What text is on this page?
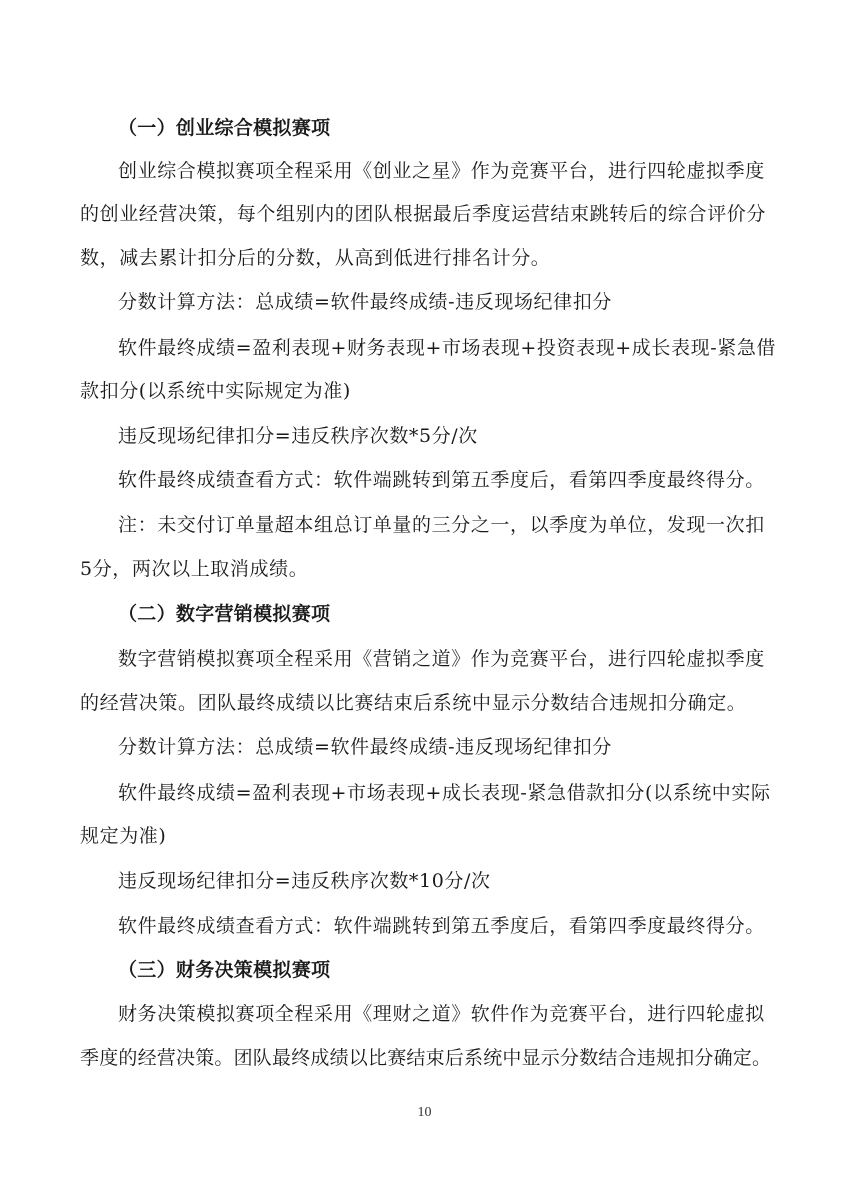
（一）创业综合模拟赛项
创业综合模拟赛项全程采用《创业之星》作为竞赛平台，进行四轮虚拟季度
的创业经营决策，每个组别内的团队根据最后季度运营结束跳转后的综合评价分
数，减去累计扣分后的分数，从高到低进行排名计分。
分数计算方法：总成绩=软件最终成绩-违反现场纪律扣分
软件最终成绩=盈利表现+财务表现+市场表现+投资表现+成长表现-紧急借
款扣分(以系统中实际规定为准)
违反现场纪律扣分=违反秩序次数*5分/次
软件最终成绩查看方式：软件端跳转到第五季度后，看第四季度最终得分。
注：未交付订单量超本组总订单量的三分之一，以季度为单位，发现一次扣
5分，两次以上取消成绩。
（二）数字营销模拟赛项
数字营销模拟赛项全程采用《营销之道》作为竞赛平台，进行四轮虚拟季度
的经营决策。团队最终成绩以比赛结束后系统中显示分数结合违规扣分确定。
分数计算方法：总成绩=软件最终成绩-违反现场纪律扣分
软件最终成绩=盈利表现+市场表现+成长表现-紧急借款扣分(以系统中实际
规定为准)
违反现场纪律扣分=违反秩序次数*10分/次
软件最终成绩查看方式：软件端跳转到第五季度后，看第四季度最终得分。
（三）财务决策模拟赛项
财务决策模拟赛项全程采用《理财之道》软件作为竞赛平台，进行四轮虚拟
季度的经营决策。团队最终成绩以比赛结束后系统中显示分数结合违规扣分确定。
10
